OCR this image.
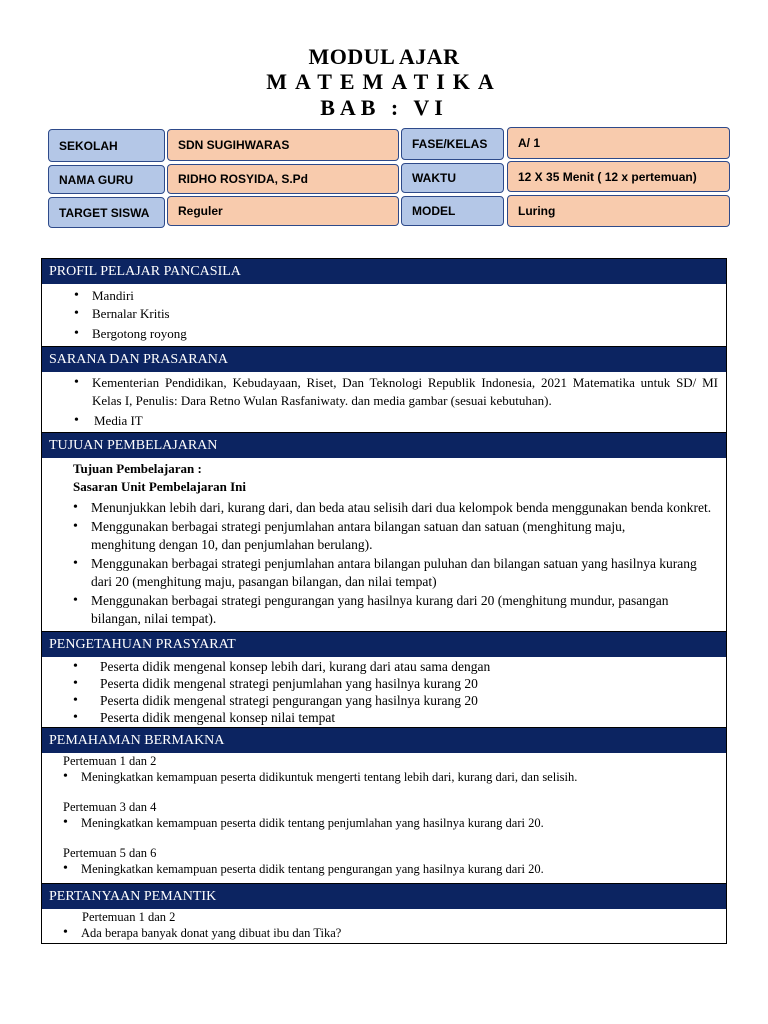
MODUL AJAR
MATEMATIKA
BAB : VI
SEKOLAH	SDN SUGIHWARAS	FASE/KELAS	A/ 1
NAMA GURU	RIDHO ROSYIDA, S.Pd	WAKTU	12 X 35 Menit ( 12 x pertemuan)
TARGET SISWA	Reguler	MODEL	Luring
PROFIL PELAJAR PANCASILA
• Mandiri
• Bernalar Kritis
• Bergotong royong
SARANA DAN PRASARANA
• Kementerian Pendidikan, Kebudayaan, Riset, Dan Teknologi Republik Indonesia, 2021 Matematika untuk SD/ MI Kelas I, Penulis: Dara Retno Wulan Rasfaniwaty. dan media gambar (sesuai kebutuhan).
• Media IT
TUJUAN PEMBELAJARAN
Tujuan Pembelajaran :
Sasaran Unit Pembelajaran Ini
• Menunjukkan lebih dari, kurang dari, dan beda atau selisih dari dua kelompok benda menggunakan benda konkret.
• Menggunakan berbagai strategi penjumlahan antara bilangan satuan dan satuan (menghitung maju, menghitung dengan 10, dan penjumlahan berulang).
• Menggunakan berbagai strategi penjumlahan antara bilangan puluhan dan bilangan satuan yang hasilnya kurang dari 20 (menghitung maju, pasangan bilangan, dan nilai tempat)
• Menggunakan berbagai strategi pengurangan yang hasilnya kurang dari 20 (menghitung mundur, pasangan bilangan, nilai tempat).
PENGETAHUAN PRASYARAT
• Peserta didik mengenal konsep lebih dari, kurang dari atau sama dengan
• Peserta didik mengenal strategi penjumlahan yang hasilnya kurang 20
• Peserta didik mengenal strategi pengurangan yang hasilnya kurang 20
• Peserta didik mengenal konsep nilai tempat
PEMAHAMAN BERMAKNA
Pertemuan 1 dan 2
• Meningkatkan kemampuan peserta didikuntuk mengerti tentang lebih dari, kurang dari, dan selisih.
Pertemuan 3 dan 4
• Meningkatkan kemampuan peserta didik tentang penjumlahan yang hasilnya kurang dari 20.
Pertemuan 5 dan 6
• Meningkatkan kemampuan peserta didik tentang pengurangan yang hasilnya kurang dari 20.
PERTANYAAN PEMANTIK
Pertemuan 1 dan 2
• Ada berapa banyak donat yang dibuat ibu dan Tika?
